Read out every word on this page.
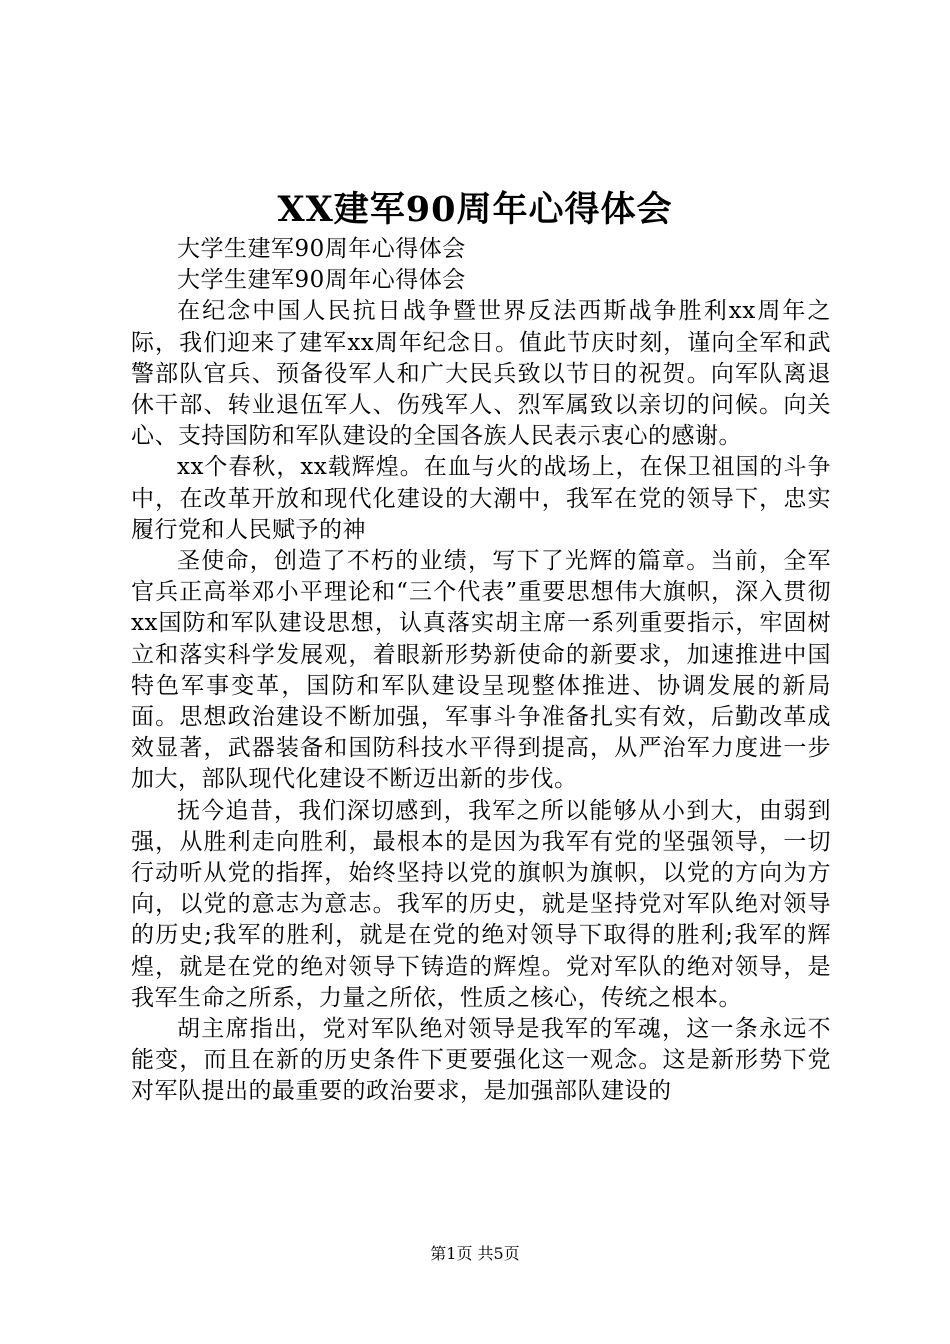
XX建军90周年心得体会

大学生建军90周年心得体会

大学生建军90周年心得体会

在纪念中国人民抗日战争暨世界反法西斯战争胜利xx周年之际，我们迎来了建军xx周年纪念日。值此节庆时刻，谨向全军和武警部队官兵、预备役军人和广大民兵致以节日的祝贺。向军队离退休干部、转业退伍军人、伤残军人、烈军属致以亲切的问候。向关心、支持国防和军队建设的全国各族人民表示衷心的感谢。

xx个春秋，xx载辉煌。在血与火的战场上，在保卫祖国的斗争中，在改革开放和现代化建设的大潮中，我军在党的领导下，忠实履行党和人民赋予的神

圣使命，创造了不朽的业绩，写下了光辉的篇章。当前，全军官兵正高举邓小平理论和“三个代表”重要思想伟大旗帜，深入贯彻xx国防和军队建设思想，认真落实胡主席一系列重要指示，牢固树立和落实科学发展观，着眼新形势新使命的新要求，加速推进中国特色军事变革，国防和军队建设呈现整体推进、协调发展的新局面。思想政治建设不断加强，军事斗争准备扎实有效，后勤改革成效显著，武器装备和国防科技水平得到提高，从严治军力度进一步加大，部队现代化建设不断迈出新的步伐。

抚今追昔，我们深切感到，我军之所以能够从小到大，由弱到强，从胜利走向胜利，最根本的是因为我军有党的坚强领导，一切行动听从党的指挥，始终坚持以党的旗帜为旗帜，以党的方向为方向，以党的意志为意志。我军的历史，就是坚持党对军队绝对领导的历史;我军的胜利，就是在党的绝对领导下取得的胜利;我军的辉煌，就是在党的绝对领导下铸造的辉煌。党对军队的绝对领导，是我军生命之所系，力量之所依，性质之核心，传统之根本。

胡主席指出，党对军队绝对领导是我军的军魂，这一条永远不能变，而且在新的历史条件下更要强化这一观念。这是新形势下党对军队提出的最重要的政治要求，是加强部队建设的

第1页 共5页
